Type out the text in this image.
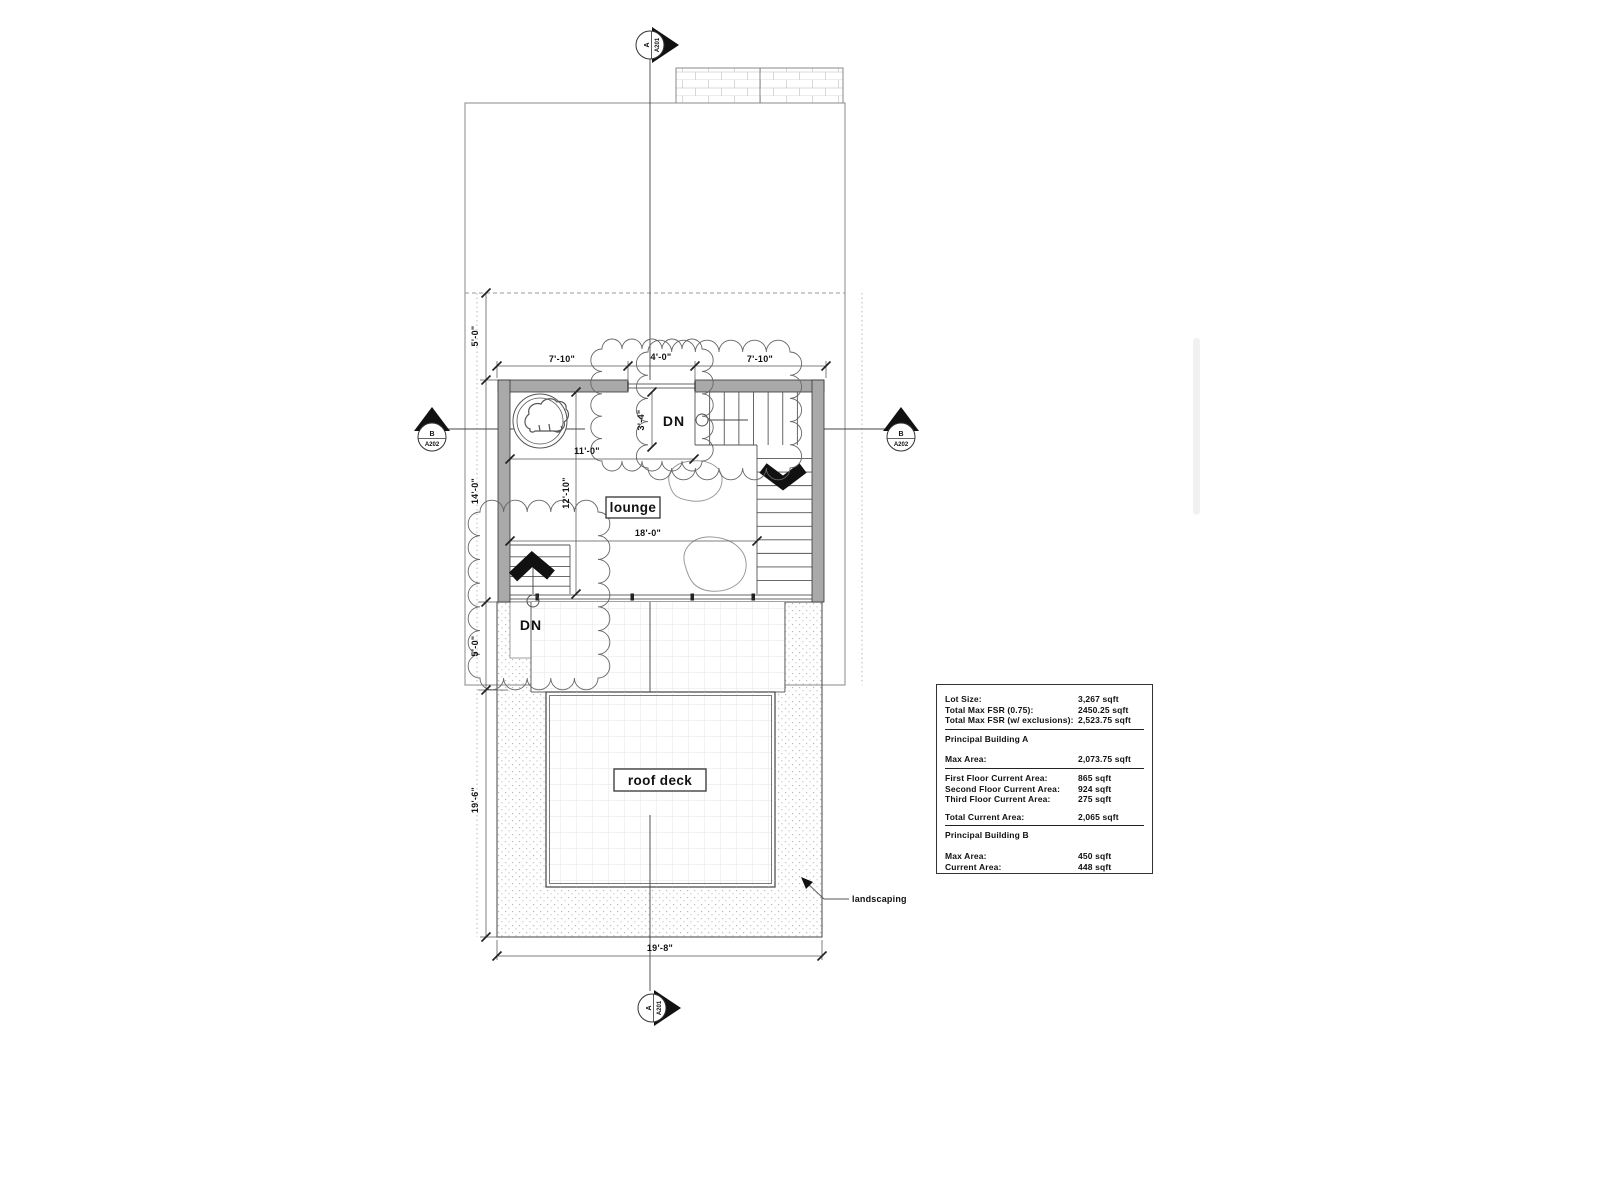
7'-10"	4'-0"	7'-10"
5'-0"
14'-0"
5'-0"
19'-6"
11'-0"
12'-10"
18'-0"
3'-4"
19'-8"
DN
DN
lounge
roof deck
landscaping
A A201
A A201
B
A202
B
A202
Lot Size:	3,267 sqft
Total Max FSR (0.75):	2450.25 sqft
Total Max FSR (w/ exclusions): 2,523.75 sqft
Principal Building A
Max Area:	2,073.75 sqft
First Floor Current Area:	865 sqft
Second Floor Current Area:	924 sqft
Third Floor Current Area:	275 sqft
Total Current Area:	2,065 sqft
Principal Building B
Max Area:	450 sqft
Current Area:	448 sqft
